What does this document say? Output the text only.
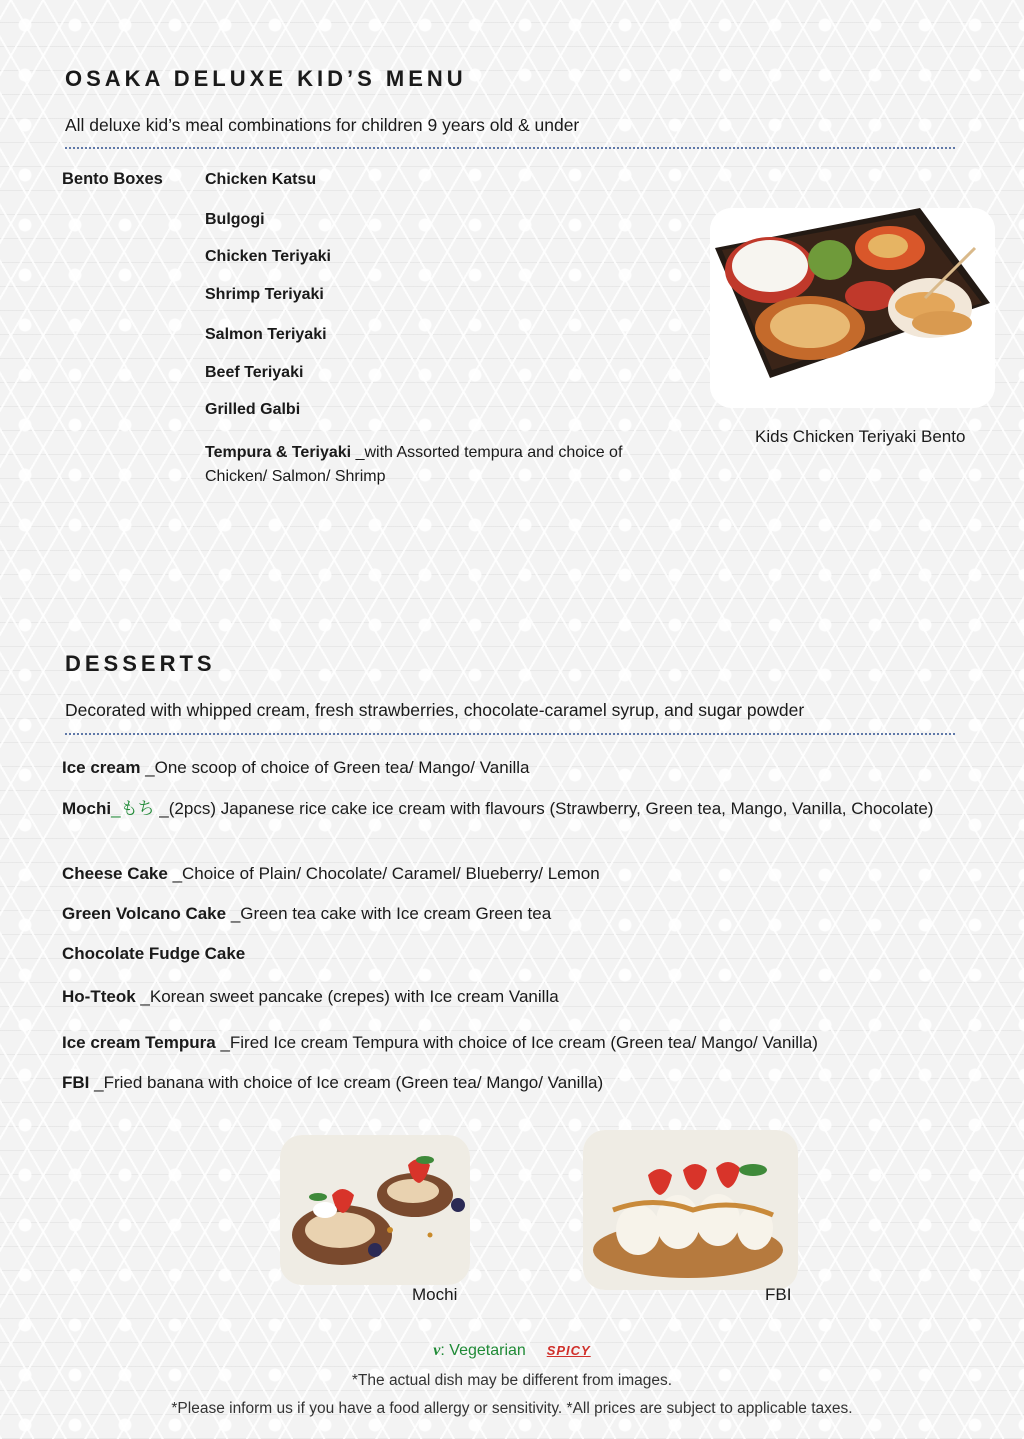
OSAKA DELUXE KID’S MENU
All deluxe kid’s meal combinations for children 9 years old & under
Bento Boxes	Chicken Katsu
Bulgogi
Chicken Teriyaki
Shrimp Teriyaki
Salmon Teriyaki
Beef Teriyaki
Grilled Galbi
Tempura & Teriyaki _with Assorted tempura and choice of
Chicken/ Salmon/ Shrimp
Kids Chicken Teriyaki Bento
DESSERTS
Decorated with whipped cream, fresh strawberries, chocolate-caramel syrup, and sugar powder
Ice cream _One scoop of choice of Green tea/ Mango/ Vanilla
Mochi_もち _(2pcs) Japanese rice cake ice cream with flavours (Strawberry, Green tea, Mango, Vanilla, Chocolate)
Cheese Cake _Choice of Plain/ Chocolate/ Caramel/ Blueberry/ Lemon
Green Volcano Cake _Green tea cake with Ice cream Green tea
Chocolate Fudge Cake
Ho-Tteok _Korean sweet pancake (crepes) with Ice cream Vanilla
Ice cream Tempura _Fired Ice cream Tempura with choice of Ice cream (Green tea/ Mango/ Vanilla)
FBI _Fried banana with choice of Ice cream (Green tea/ Mango/ Vanilla)
Mochi	FBI
v: Vegetarian SPICY
*The actual dish may be different from images.
*Please inform us if you have a food allergy or sensitivity. *All prices are subject to applicable taxes.
